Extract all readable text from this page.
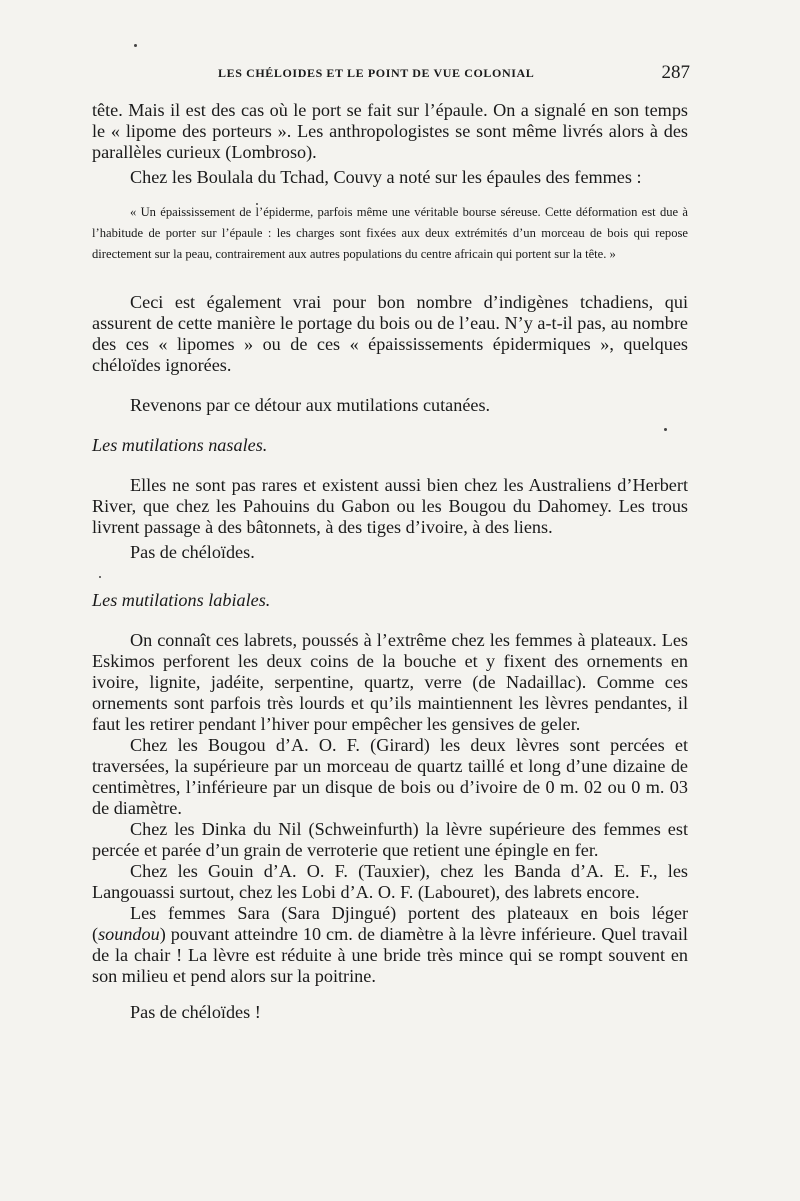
LES CHÉLOIDES ET LE POINT DE VUE COLONIAL	287

tête. Mais il est des cas où le port se fait sur l’épaule. On a signalé en son temps le « lipome des porteurs ». Les anthropologistes se sont même livrés alors à des parallèles curieux (Lombroso).

Chez les Boulala du Tchad, Couvy a noté sur les épaules des femmes :

« Un épaississement de l’épiderme, parfois même une véritable bourse séreuse. Cette déformation est due à l’habitude de porter sur l’épaule : les charges sont fixées aux deux extrémités d’un morceau de bois qui repose directement sur la peau, contrairement aux autres populations du centre africain qui portent sur la tête. »

Ceci est également vrai pour bon nombre d’indigènes tchadiens, qui assurent de cette manière le portage du bois ou de l’eau. N’y a-t-il pas, au nombre des ces « lipomes » ou de ces « épaississements épidermiques », quelques chéloïdes ignorées.

Revenons par ce détour aux mutilations cutanées.

Les mutilations nasales.

Elles ne sont pas rares et existent aussi bien chez les Australiens d’Herbert River, que chez les Pahouins du Gabon ou les Bougou du Dahomey. Les trous livrent passage à des bâtonnets, à des tiges d’ivoire, à des liens.

Pas de chéloïdes.

Les mutilations labiales.

On connaît ces labrets, poussés à l’extrême chez les femmes à plateaux. Les Eskimos perforent les deux coins de la bouche et y fixent des ornements en ivoire, lignite, jadéite, serpentine, quartz, verre (de Nadaillac). Comme ces ornements sont parfois très lourds et qu’ils maintiennent les lèvres pendantes, il faut les retirer pendant l’hiver pour empêcher les gensives de geler.

Chez les Bougou d’A. O. F. (Girard) les deux lèvres sont percées et traversées, la supérieure par un morceau de quartz taillé et long d’une dizaine de centimètres, l’inférieure par un disque de bois ou d’ivoire de 0 m. 02 ou 0 m. 03 de diamètre.

Chez les Dinka du Nil (Schweinfurth) la lèvre supérieure des femmes est percée et parée d’un grain de verroterie que retient une épingle en fer.

Chez les Gouin d’A. O. F. (Tauxier), chez les Banda d’A. E. F., les Langouassi surtout, chez les Lobi d’A. O. F. (Labouret), des labrets encore.

Les femmes Sara (Sara Djingué) portent des plateaux en bois léger (soundou) pouvant atteindre 10 cm. de diamètre à la lèvre inférieure. Quel travail de la chair ! La lèvre est réduite à une bride très mince qui se rompt souvent en son milieu et pend alors sur la poitrine.

Pas de chéloïdes !
